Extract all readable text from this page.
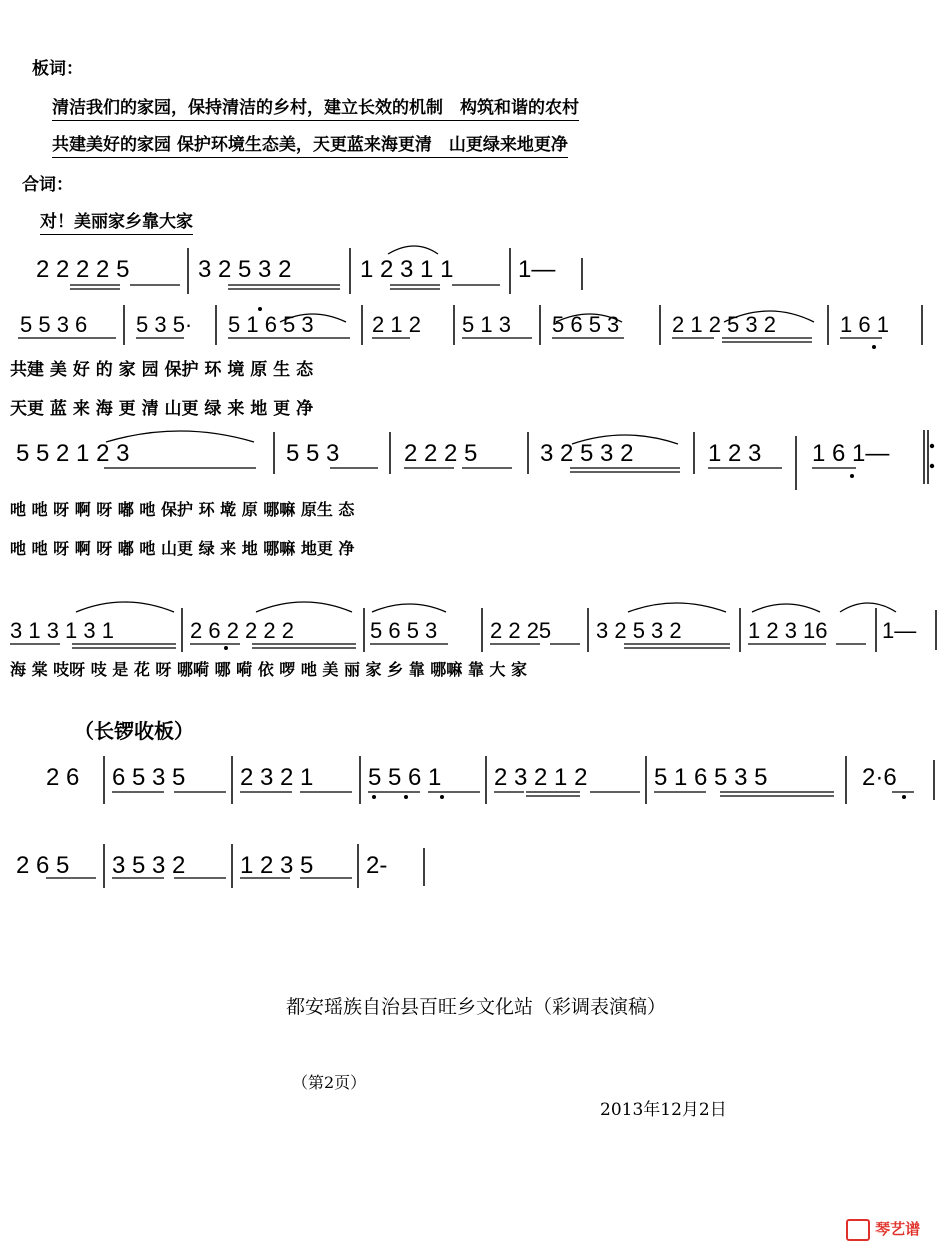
板词：
清洁我们的家园，保持清洁的乡村，建立长效的机制　构筑和谐的农村
共建美好的家园 保护环境生态美，天更蓝来海更清　山更绿来地更净
合词：
对！美丽家乡靠大家
2 2 2 2 5	3 2 5 3 2	1 2 3 1 1	1—
5 5 3 6 5 3 5· 5 1 6 5 3	2 1 2 5 1 3 5 6 5 3 2 1 2 5 3 2	1 6 1
共建 美 好 的 家 园 保护 环 境 原 生 态
天更 蓝 来 海 更 清 山更 绿 来 地 更 净
5 5 2 1 2 3	5 5 3	2 2 2 5	3 2 5 3 2	1 2 3 1 6 1—
吔 吔 呀 啊 呀 嘟 吔 保护 环 墘 原 哪嘛 原生 态
吔 吔 呀 啊 呀 嘟 吔 山更 绿 来 地 哪嘛 地更 净
3 1 3 1 3 1	2 6 2 2 2 2	5 6 5 3 2 2 25 3 2 5 3 2	1 2 3 16 1—
海 棠 吱呀 吱 是 花 呀 哪嗬 哪 嗬 依 啰 吔 美 丽 家 乡 靠 哪嘛 靠 大 家
（长锣收板）
2 6 6 5 3 5 2 3 2 1 5 5 6 1 2 3 2 1 2	5 1 6 5 3 5	2·6
2 6 5 3 5 3 2 1 2 3 5 2-
都安瑶族自治县百旺乡文化站（彩调表演稿）
（第2页）
2013年12月2日
琴艺谱
